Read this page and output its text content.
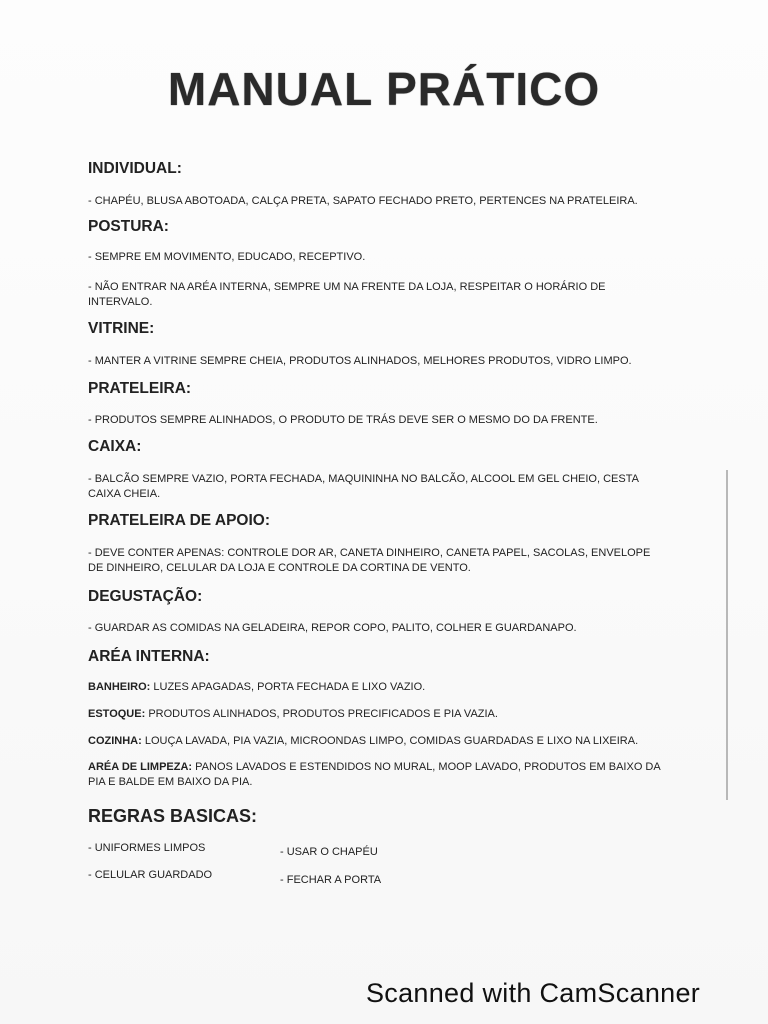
MANUAL PRÁTICO

INDIVIDUAL:

- CHAPÉU, BLUSA ABOTOADA, CALÇA PRETA, SAPATO FECHADO PRETO, PERTENCES NA PRATELEIRA.

POSTURA:

- SEMPRE EM MOVIMENTO, EDUCADO, RECEPTIVO.

- NÃO ENTRAR NA ARÉA INTERNA, SEMPRE UM NA FRENTE DA LOJA, RESPEITAR O HORÁRIO DE INTERVALO.

VITRINE:

- MANTER A VITRINE SEMPRE CHEIA, PRODUTOS ALINHADOS, MELHORES PRODUTOS, VIDRO LIMPO.

PRATELEIRA:

- PRODUTOS SEMPRE ALINHADOS, O PRODUTO DE TRÁS DEVE SER O MESMO DO DA FRENTE.

CAIXA:

- BALCÃO SEMPRE VAZIO, PORTA FECHADA, MAQUININHA NO BALCÃO, ALCOOL EM GEL CHEIO, CESTA CAIXA CHEIA.

PRATELEIRA DE APOIO:

- DEVE CONTER APENAS: CONTROLE DOR AR, CANETA DINHEIRO, CANETA PAPEL, SACOLAS, ENVELOPE DE DINHEIRO, CELULAR DA LOJA E CONTROLE DA CORTINA DE VENTO.

DEGUSTAÇÃO:

- GUARDAR AS COMIDAS NA GELADEIRA, REPOR COPO, PALITO, COLHER E GUARDANAPO.

ARÉA INTERNA:

BANHEIRO: LUZES APAGADAS, PORTA FECHADA E LIXO VAZIO.

ESTOQUE: PRODUTOS ALINHADOS, PRODUTOS PRECIFICADOS E PIA VAZIA.

COZINHA: LOUÇA LAVADA, PIA VAZIA, MICROONDAS LIMPO, COMIDAS GUARDADAS E LIXO NA LIXEIRA.

ARÉA DE LIMPEZA: PANOS LAVADOS E ESTENDIDOS NO MURAL, MOOP LAVADO, PRODUTOS EM BAIXO DA PIA E BALDE EM BAIXO DA PIA.

REGRAS BASICAS:

- UNIFORMES LIMPOS
- CELULAR GUARDADO
- USAR O CHAPÉU
- FECHAR A PORTA
Scanned with CamScanner
